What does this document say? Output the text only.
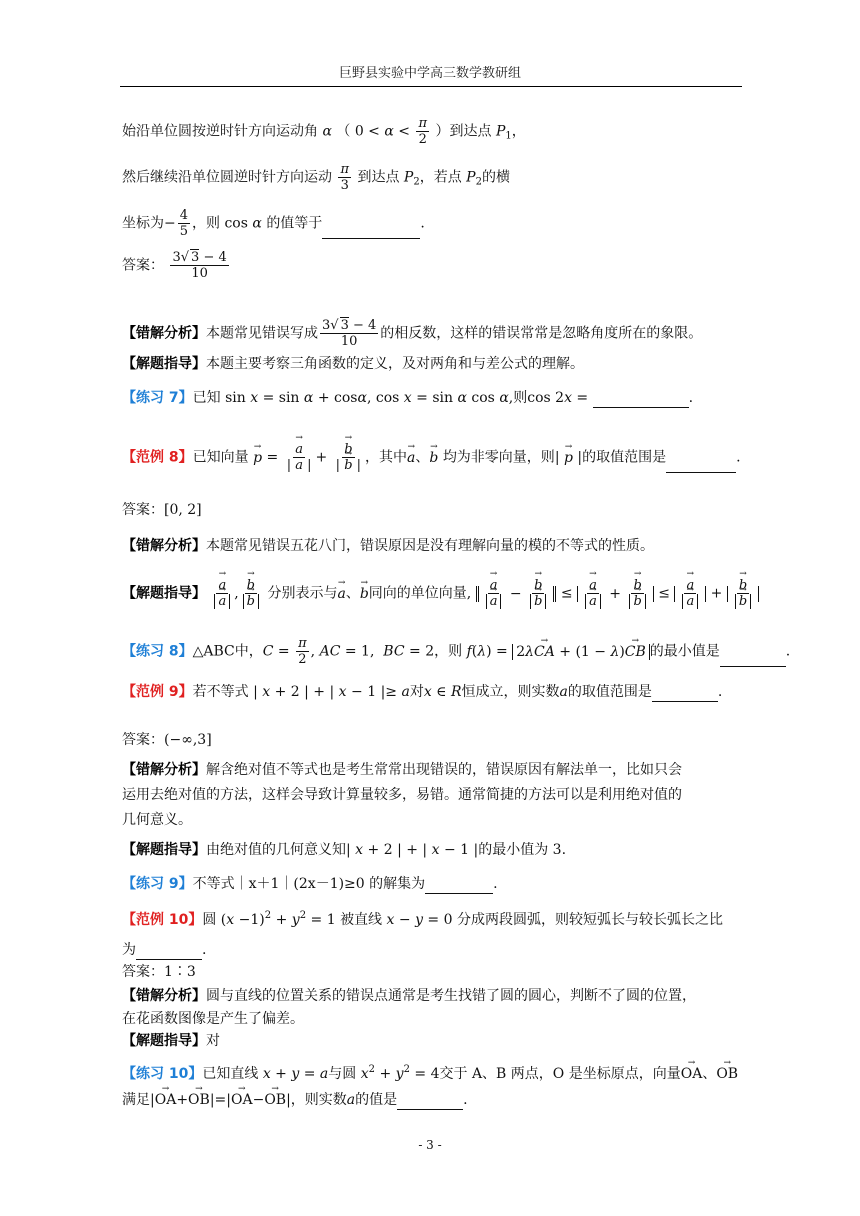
巨野县实验中学高三数学教研组
始沿单位圆按逆时针方向运动角 α （ $0 < \alpha < \frac{\pi}{2}$ ）到达点 $P_1$，
然后继续沿单位圆逆时针方向运动 $\frac{\pi}{3}$ 到达点 $P_2$，若点 $P_2$的横
坐标为− $\frac{4}{5}$ ，则 cos α 的值等于	.
答案： $\frac{3√ 3 - 4}{10}$
【错解分析】本题常见错误写成 $\frac{3√ 3 - 4}{10}$ 的相反数，这样的错误常常是忽略角度所在的象限。
【解题指导】本题主要考察三角函数的定义，及对两角和与差公式的理解。
【练习 7】已知 sin x = sin α + cosα, cos x = sin α cos α,则cos 2x =	.
【范例 8】已知向量 → p = → $\frac{a}{| a |}$ + → $\frac{b}{| \to b |}$ ，其中→ a、→ b 均为非零向量，则| → p |的取值范围是	.
答案：[0, 2]
【错解分析】本题常见错误五花八门，错误原因是没有理解向量的模的不等式的性质。
【解题指导】 → a
→ a , → b
→ b 分别表示与→ a、→ b同向的单位向量, → a
→ a − → b
→ b ≤ → a
→ a + → b
→ b ≤ → a
→ a + → b
→ b
【练习 8】△ABC中，$C = \frac{\pi}{2}$ , AC = 1,  BC = 2，则 f(λ) = 2λ→ CA + (1 − λ)→ CB 的最小值是	.
【范例 9】若不等式 | x + 2 | + | x − 1 |≥ a对x ∈ R恒成立，则实数a的取值范围是	.
答案：(−∞,3]
【错解分析】解含绝对值不等式也是考生常常出现错误的，错误原因有解法单一，比如只会
运用去绝对值的方法，这样会导致计算量较多，易错。通常简捷的方法可以是利用绝对值的
几何意义。
【解题指导】由绝对值的几何意义知| x + 2 | + | x − 1 |的最小值为 3.
【练习 9】不等式｜x＋1｜(2x－1)≥0 的解集为	.
【范例 10】圆 $(x -1)^2 + y^2 = 1$ 被直线 x − y = 0 分成两段圆弧，则较短弧长与较长弧长之比
为	.
答案：1∶3
【错解分析】圆与直线的位置关系的错误点通常是考生找错了圆的圆心，判断不了圆的位置，
在花函数图像是产生了偏差。
【解题指导】对
【练习 10】已知直线 x + y = a与圆 $x^2 + y^2 = 4$交于 A、B 两点，O 是坐标原点，向量→ OA、→ OB
满足|→ OA+→ OB|=|→ OA−→ OB|，则实数a的值是	.
- 3 -
